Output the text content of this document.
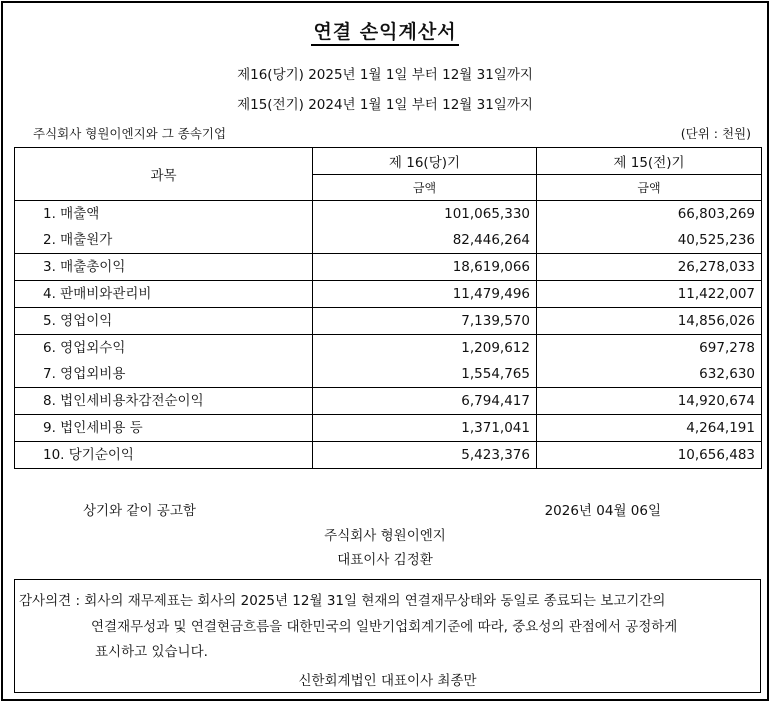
연결 손익계산서
제16(당기) 2025년 1월 1일 부터 12월 31일까지
제15(전기) 2024년 1월 1일 부터 12월 31일까지
주식회사 형원이엔지와 그 종속기업	(단위 : 천원)
과목	제 16(당)기	제 15(전)기
	금액	금액
1. 매출액	101,065,330	66,803,269
2. 매출원가	82,446,264	40,525,236
3. 매출총이익	18,619,066	26,278,033
4. 판매비와관리비	11,479,496	11,422,007
5. 영업이익	7,139,570	14,856,026
6. 영업외수익	1,209,612	697,278
7. 영업외비용	1,554,765	632,630
8. 법인세비용차감전순이익	6,794,417	14,920,674
9. 법인세비용 등	1,371,041	4,264,191
10. 당기순이익	5,423,376	10,656,483
상기와 같이 공고함	2026년 04월 06일
주식회사 형원이엔지
대표이사 김정환
감사의견 : 회사의 재무제표는 회사의 2025년 12월 31일 현재의 연결재무상태와 동일로 종료되는 보고기간의
연결재무성과 및 연결현금흐름을 대한민국의 일반기업회계기준에 따라, 중요성의 관점에서 공정하게
표시하고 있습니다.
신한회계법인 대표이사 최종만
